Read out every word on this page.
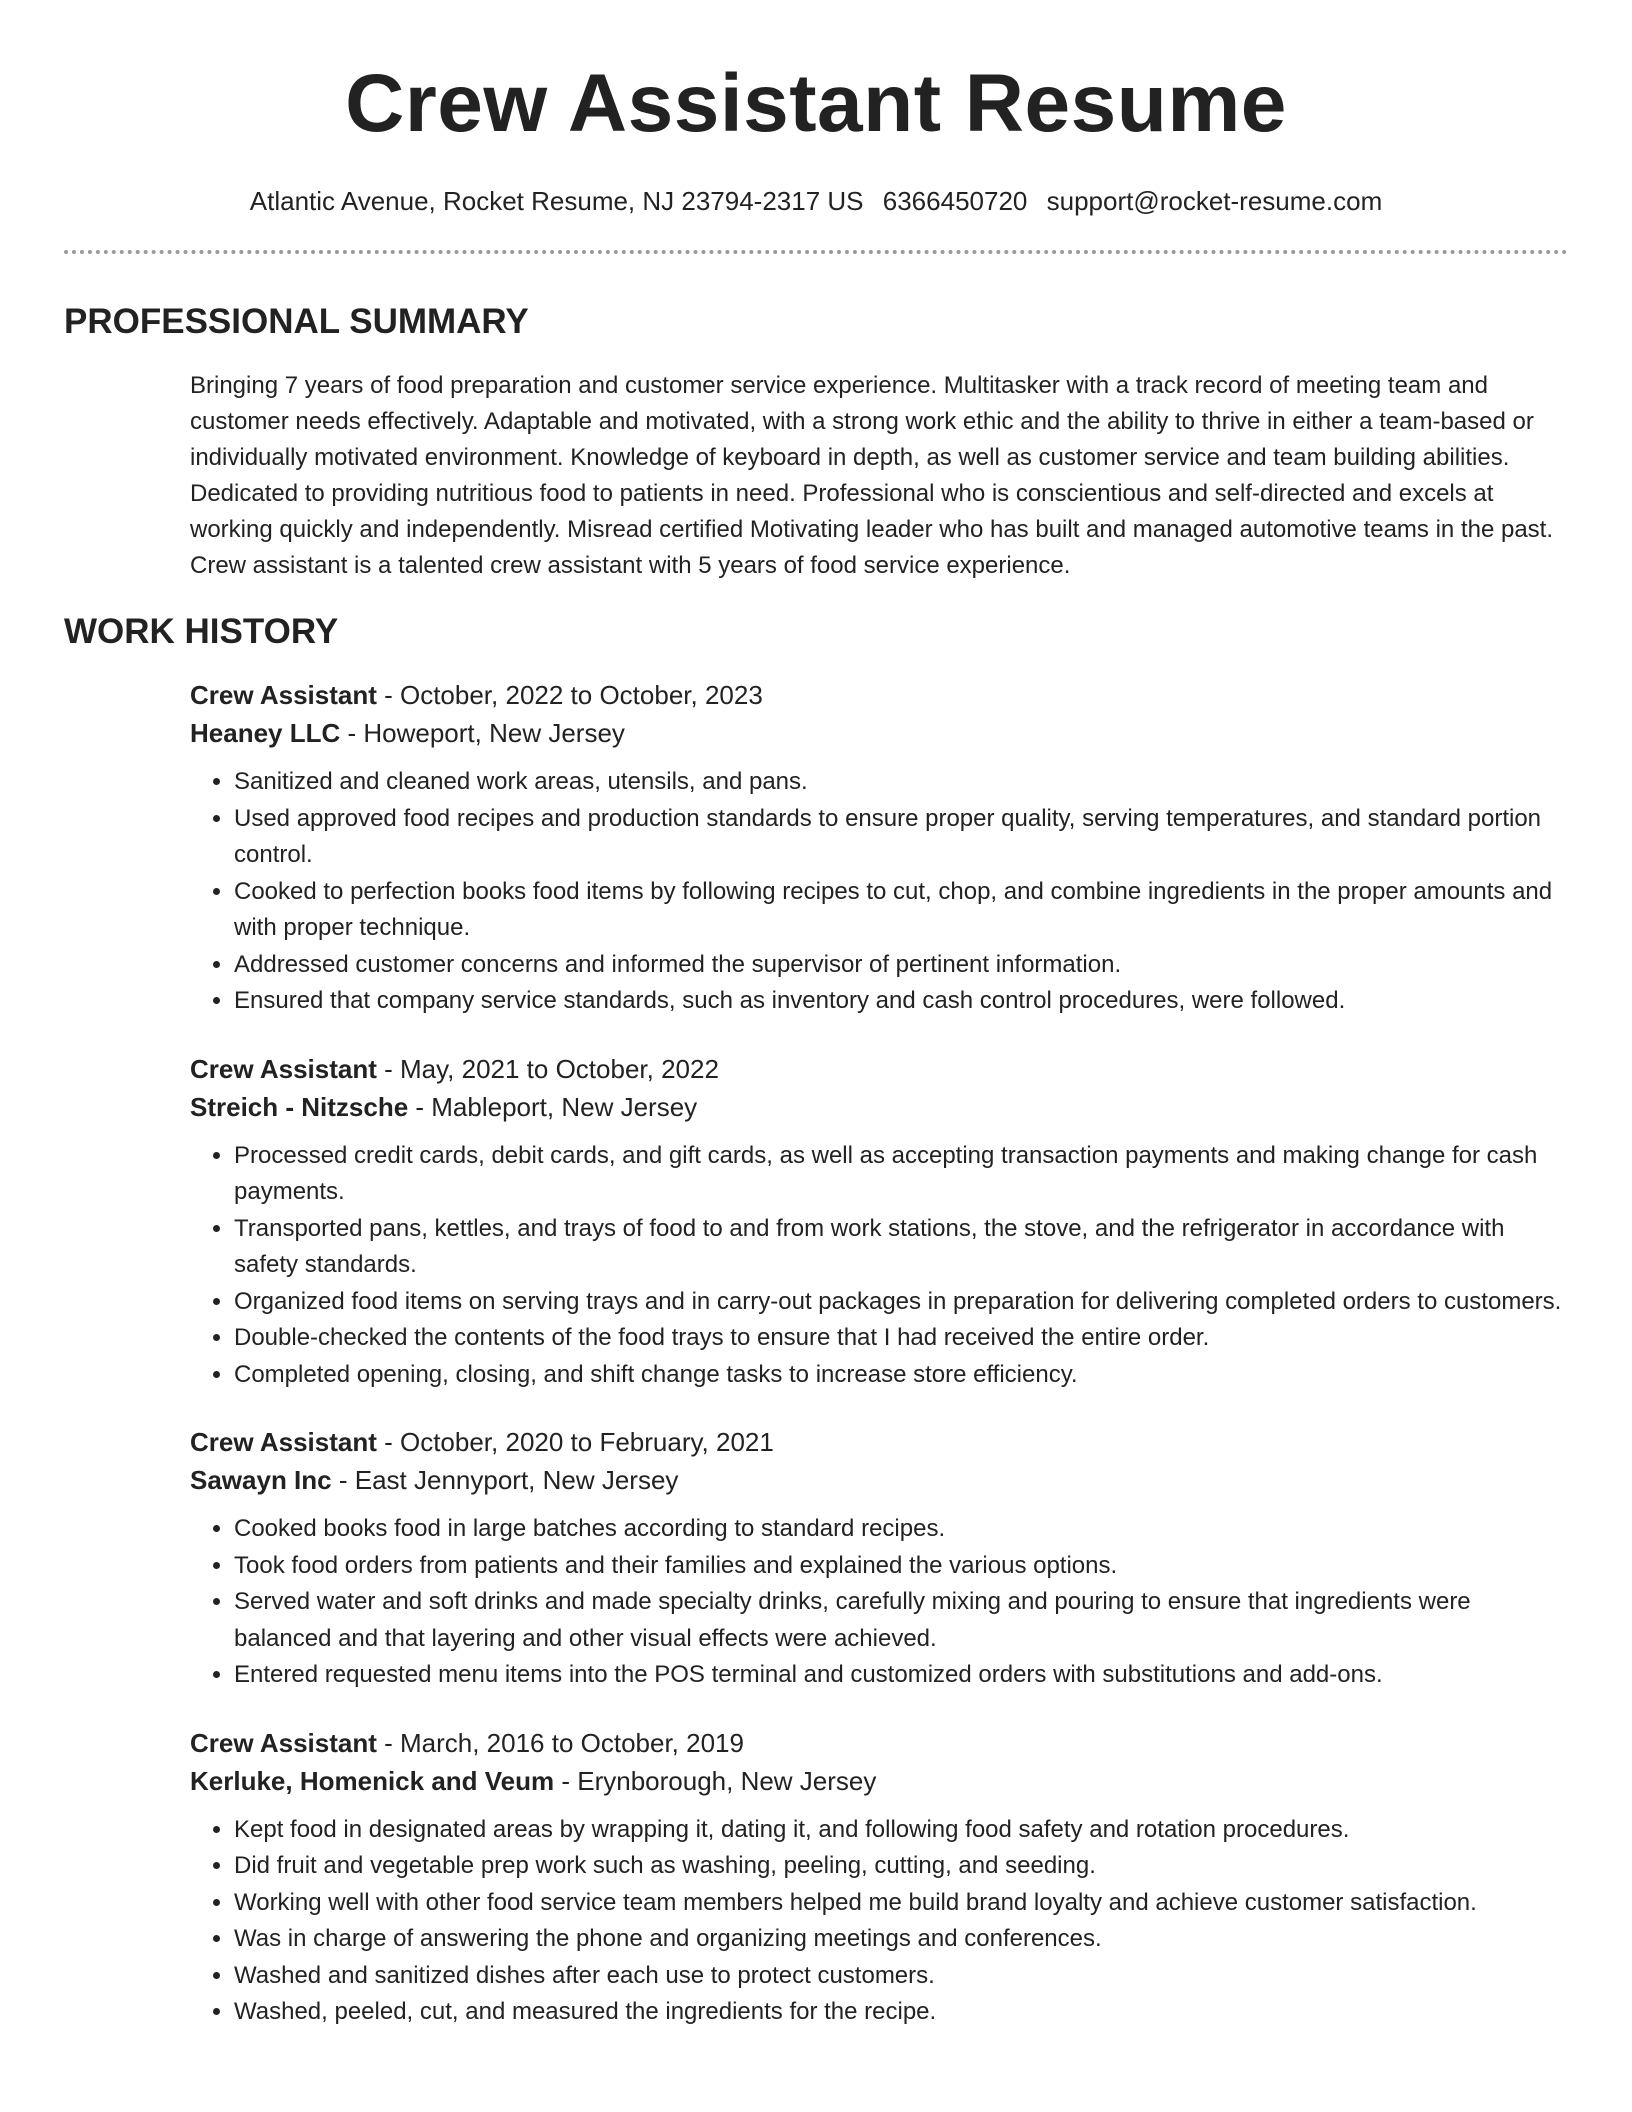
Crew Assistant Resume
Atlantic Avenue, Rocket Resume, NJ 23794-2317 US 6366450720 support@rocket-resume.com
PROFESSIONAL SUMMARY
Bringing 7 years of food preparation and customer service experience. Multitasker with a track record of meeting team and customer needs effectively. Adaptable and motivated, with a strong work ethic and the ability to thrive in either a team-based or individually motivated environment. Knowledge of keyboard in depth, as well as customer service and team building abilities. Dedicated to providing nutritious food to patients in need. Professional who is conscientious and self-directed and excels at working quickly and independently. Misread certified Motivating leader who has built and managed automotive teams in the past. Crew assistant is a talented crew assistant with 5 years of food service experience.
WORK HISTORY
Crew Assistant - October, 2022 to October, 2023
Heaney LLC - Howeport, New Jersey
• Sanitized and cleaned work areas, utensils, and pans.
• Used approved food recipes and production standards to ensure proper quality, serving temperatures, and standard portion control.
• Cooked to perfection books food items by following recipes to cut, chop, and combine ingredients in the proper amounts and with proper technique.
• Addressed customer concerns and informed the supervisor of pertinent information.
• Ensured that company service standards, such as inventory and cash control procedures, were followed.
Crew Assistant - May, 2021 to October, 2022
Streich - Nitzsche - Mableport, New Jersey
• Processed credit cards, debit cards, and gift cards, as well as accepting transaction payments and making change for cash payments.
• Transported pans, kettles, and trays of food to and from work stations, the stove, and the refrigerator in accordance with safety standards.
• Organized food items on serving trays and in carry-out packages in preparation for delivering completed orders to customers.
• Double-checked the contents of the food trays to ensure that I had received the entire order.
• Completed opening, closing, and shift change tasks to increase store efficiency.
Crew Assistant - October, 2020 to February, 2021
Sawayn Inc - East Jennyport, New Jersey
• Cooked books food in large batches according to standard recipes.
• Took food orders from patients and their families and explained the various options.
• Served water and soft drinks and made specialty drinks, carefully mixing and pouring to ensure that ingredients were balanced and that layering and other visual effects were achieved.
• Entered requested menu items into the POS terminal and customized orders with substitutions and add-ons.
Crew Assistant - March, 2016 to October, 2019
Kerluke, Homenick and Veum - Erynborough, New Jersey
• Kept food in designated areas by wrapping it, dating it, and following food safety and rotation procedures.
• Did fruit and vegetable prep work such as washing, peeling, cutting, and seeding.
• Working well with other food service team members helped me build brand loyalty and achieve customer satisfaction.
• Was in charge of answering the phone and organizing meetings and conferences.
• Washed and sanitized dishes after each use to protect customers.
• Washed, peeled, cut, and measured the ingredients for the recipe.
